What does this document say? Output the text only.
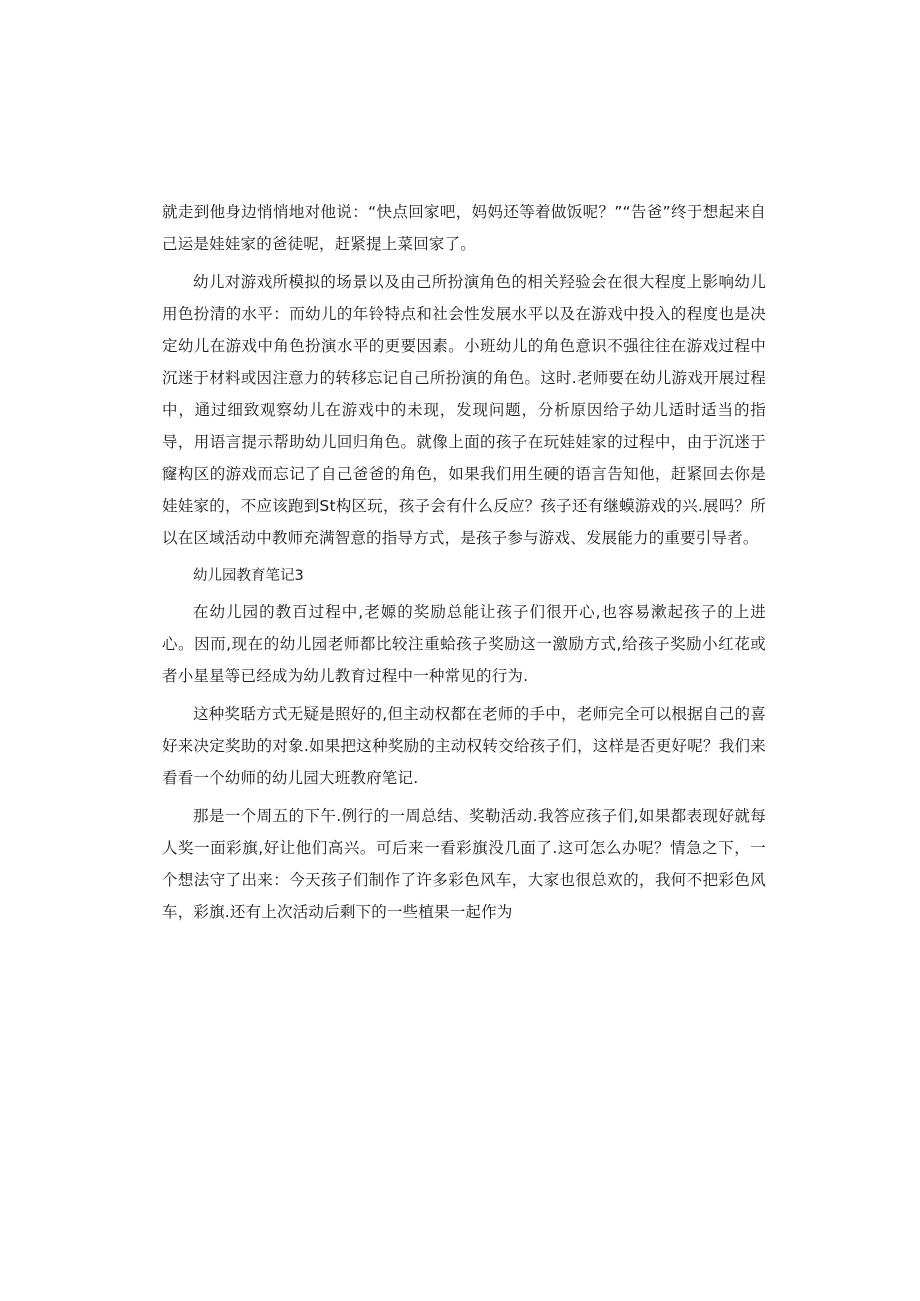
就走到他身边悄悄地对他说：“快点回家吧，妈妈还等着做饭呢？”“告爸”终于想起来自己运是娃娃家的爸徒呢，赶紧提上菜回家了。

幼儿对游戏所模拟的场景以及由己所扮演角色的相关羟验会在很大程度上影响幼儿用色扮清的水平：而幼儿的年铃特点和社会性发展水平以及在游戏中投入的程度也是决定幼儿在游戏中角色扮演水平的更要因素。小班幼儿的角色意识不强往往在游戏过程中沉迷于材料或因注意力的转移忘记自己所扮演的角色。这时.老师要在幼儿游戏开展过程中，通过细致观察幼儿在游戏中的未现，发现问题，分析原因给子幼儿适时适当的指导，用语言提示帮助幼儿回归角色。就像上面的孩子在玩娃娃家的过程中，由于沉迷于窿构区的游戏而忘记了自己爸爸的角色，如果我们用生硬的语言告知他，赶紧回去你是娃娃家的，不应该跑到St构区玩，孩子会有什么反应？孩子还有继蟆游戏的兴.展吗？所以在区域活动中教师充满智意的指导方式，是孩子参与游戏、发展能力的重要引导者。

幼儿园教育笔记3

在幼儿园的教百过程中,老嫄的奖励总能让孩子们很开心,也容易漱起孩子的上进心。因而,现在的幼儿园老师都比较注重蛤孩子奖励这一激励方式,给孩子奖励小红花或者小星星等已经成为幼儿教育过程中一种常见的行为.

这种奖聒方式无疑是照好的,但主动权都在老师的手中，老师完全可以根据自己的喜好来决定奖助的对象.如果把这种奖励的主动权转交给孩子们，这样是否更好呢？我们来看看一个幼师的幼儿园大班教府笔记.

那是一个周五的下午.例行的一周总结、奖勒活动.我答应孩子们,如果都表现好就每人奖一面彩旗,好让他们高兴。可后来一看彩旗没几面了.这可怎么办呢？情急之下，一个想法守了出来：今天孩子们制作了许多彩色风车，大家也很总欢的，我何不把彩色风车，彩旗.还有上次活动后剩下的一些植果一起作为
